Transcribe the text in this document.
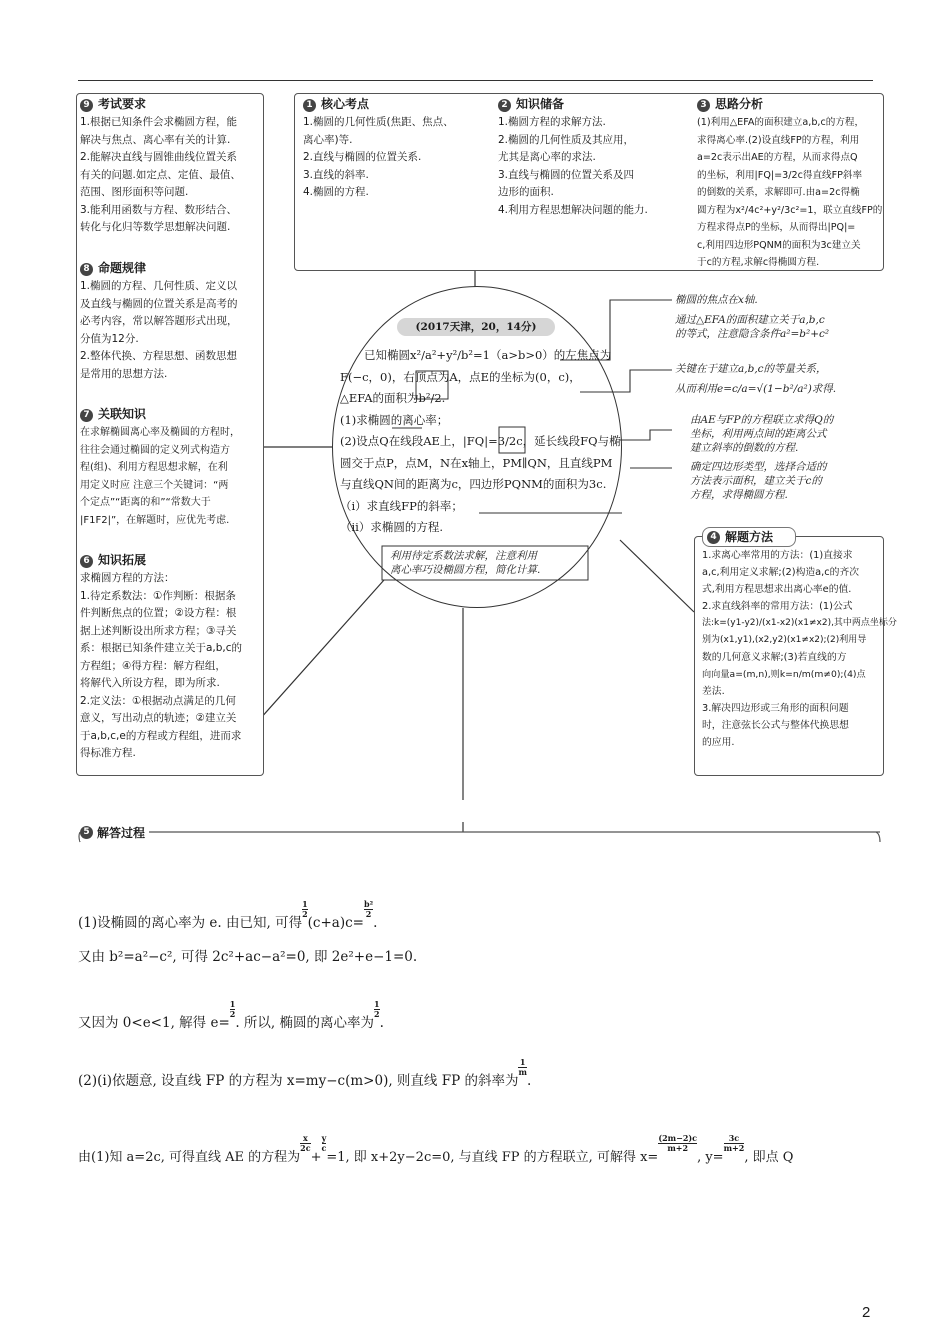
9 考试要求
1.根据已知条件会求椭圆方程，能
解决与焦点、离心率有关的计算.
2.能解决直线与圆锥曲线位置关系
有关的问题.如定点、定值、最值、
范围、图形面积等问题.
3.能利用函数与方程、数形结合、
转化与化归等数学思想解决问题.
8 命题规律
1.椭圆的方程、几何性质、定义以
及直线与椭圆的位置关系是高考的
必考内容，常以解答题形式出现，
分值为12分.
2.整体代换、方程思想、函数思想
是常用的思想方法.
7 关联知识
在求解椭圆离心率及椭圆的方程时，
往往会通过椭圆的定义列式构造方
程(组)、利用方程思想求解，在利
用定义时应 注意三个关键词：“两
个定点”“距离的和”“常数大于
|F1F2|”，在解题时，应优先考虑.
6 知识拓展
求椭圆方程的方法：
1.待定系数法：①作判断：根据条
件判断焦点的位置；②设方程：根
据上述判断设出所求方程；③寻关
系：根据已知条件建立关于a,b,c的
方程组；④得方程：解方程组，
将解代入所设方程，即为所求.
2.定义法：①根据动点满足的几何
意义，写出动点的轨迹；②建立关
于a,b,c,e的方程或方程组，进而求
得标准方程.
1 核心考点
1.椭圆的几何性质(焦距、焦点、
离心率)等.
2.直线与椭圆的位置关系.
3.直线的斜率.
4.椭圆的方程.
2 知识储备
1.椭圆方程的求解方法.
2.椭圆的几何性质及其应用，
尤其是离心率的求法.
3.直线与椭圆的位置关系及四
边形的面积.
4.利用方程思想解决问题的能力.
3 思路分析
(1)利用△EFA的面积建立a,b,c的方程，
求得离心率.(2)设直线FP的方程，利用
a=2c表示出AE的方程，从而求得点Q
的坐标，利用|FQ|=3/2c得直线FP斜率
的倒数的关系，求解即可.由a=2c得椭
圆方程为x²/4c²+y²/3c²=1，联立直线FP的
方程求得点P的坐标，从而得出|PQ|=
c,利用四边形PQNM的面积为3c建立关
于c的方程,求解c得椭圆方程.
(2017天津，20，14分)
已知椭圆x²/a²+y²/b²=1（a>b>0）的左焦点为
F(−c，0)，右顶点为A，点E的坐标为(0，c)，
△EFA的面积为b²/2.
(1)求椭圆的离心率；
(2)设点Q在线段AE上，|FQ|=3/2c，延长线段FQ与椭
圆交于点P，点M，N在x轴上，PM∥QN，且直线PM
与直线QN间的距离为c，四边形PQNM的面积为3c.
（ⅰ）求直线FP的斜率；
（ⅱ）求椭圆的方程.
利用待定系数法求解，注意利用
离心率巧设椭圆方程，简化计算.
椭圆的焦点在x轴.
通过△EFA的面积建立关于a,b,c
的等式，注意隐含条件a²=b²+c²
关键在于建立a,b,c的等量关系，
从而利用e=c/a=√(1−b²/a²)求得.
由AE与FP的方程联立求得Q的
坐标，利用两点间的距离公式
建立斜率的倒数的方程.
确定四边形类型，选择合适的
方法表示面积，建立关于c的
方程，求得椭圆方程.
4 解题方法
1.求离心率常用的方法：(1)直接求
a,c,利用定义求解;(2)构造a,c的齐次
式,利用方程思想求出离心率e的值.
2.求直线斜率的常用方法：(1)公式
法:k=(y1-y2)/(x1-x2)(x1≠x2),其中两点坐标分
别为(x1,y1),(x2,y2)(x1≠x2);(2)利用导
数的几何意义求解;(3)若直线的方
向向量a=(m,n),则k=n/m(m≠0);(4)点
差法.
3.解决四边形或三角形的面积问题
时，注意弦长公式与整体代换思想
的应用.
5 解答过程
(1)设椭圆的离心率为 e. 由已知, 可得
$\frac{1}{2}$
(c+a)c=
$\frac{\text{b²}}{2}$
.
又由 b²=a²−c², 可得 2c²+ac−a²=0, 即 2e²+e−1=0.
又因为 0<e<1, 解得 e=
$\frac{1}{2}$
. 所以, 椭圆的离心率为
$\frac{1}{2}$
.
(2)(i)依题意, 设直线 FP 的方程为 x=my−c(m>0), 则直线 FP 的斜率为
$\frac{1}{m}$
.
由(1)知 a=2c, 可得直线 AE 的方程为
$\frac{x}{2c}$
+
$\frac{y}{c}$
=1, 即 x+2y−2c=0, 与直线 FP 的方程联立, 可解得 x=
$\frac{(2m-2)c}{m+2}$
, y=
$\frac{3c}{m+2}$
, 即点 Q
2
